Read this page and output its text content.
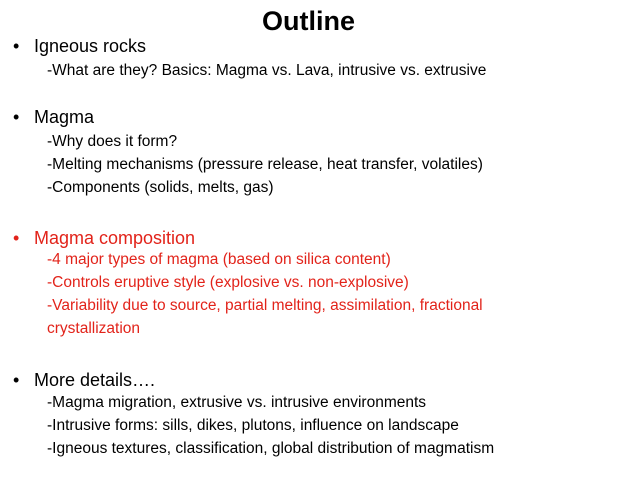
Outline
• Igneous rocks
-What are they? Basics: Magma vs. Lava, intrusive vs. extrusive
• Magma
-Why does it form?
-Melting mechanisms (pressure release, heat transfer, volatiles)
-Components (solids, melts, gas)
• Magma composition
-4 major types of magma (based on silica content)
-Controls eruptive style (explosive vs. non-explosive)
-Variability due to source, partial melting, assimilation, fractional
crystallization
• More details….
-Magma migration, extrusive vs. intrusive environments
-Intrusive forms: sills, dikes, plutons, influence on landscape
-Igneous textures, classification, global distribution of magmatism
